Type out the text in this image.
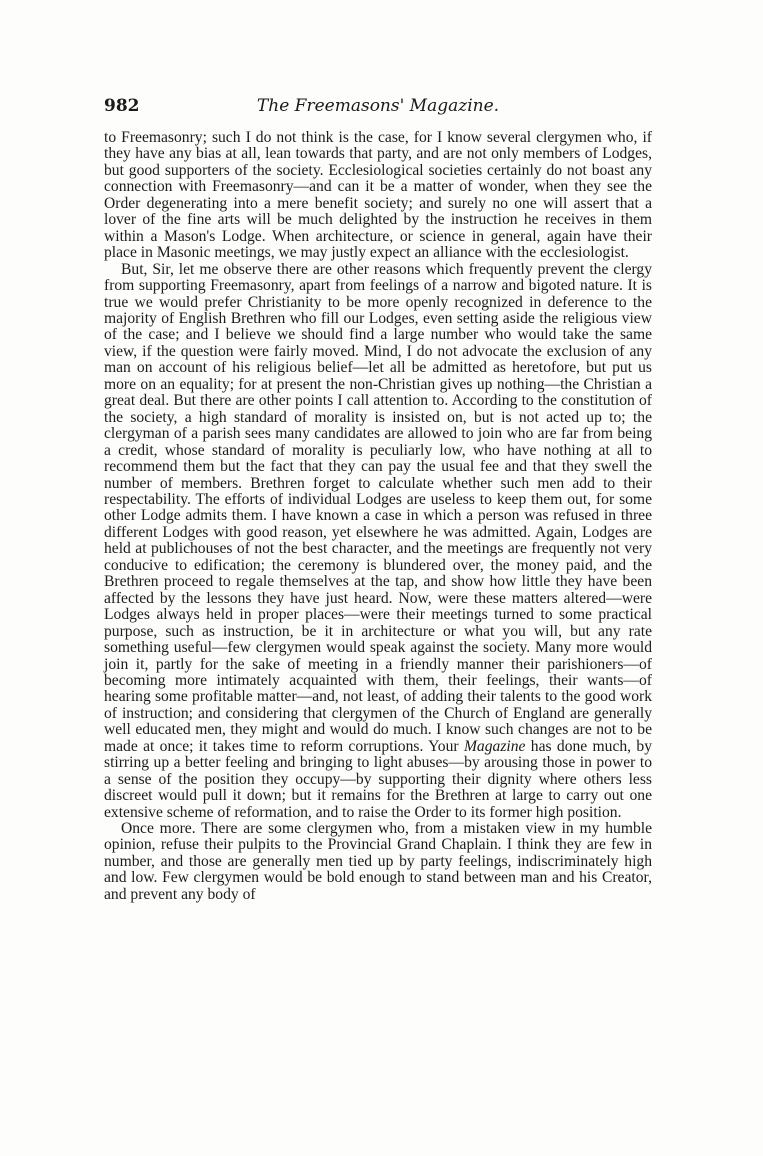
982	The Freemasons' Magazine.

to Freemasonry; such I do not think is the case, for I know several clergymen who, if they have any bias at all, lean towards that party, and are not only members of Lodges, but good supporters of the society. Ecclesiological societies certainly do not boast any connection with Freemasonry—and can it be a matter of wonder, when they see the Order degenerating into a mere benefit society; and surely no one will assert that a lover of the fine arts will be much delighted by the instruction he receives in them within a Mason's Lodge. When architecture, or science in general, again have their place in Masonic meetings, we may justly expect an alliance with the ecclesiologist.

But, Sir, let me observe there are other reasons which frequently prevent the clergy from supporting Freemasonry, apart from feelings of a narrow and bigoted nature. It is true we would prefer Christianity to be more openly recognized in deference to the majority of English Brethren who fill our Lodges, even setting aside the religious view of the case; and I believe we should find a large number who would take the same view, if the question were fairly moved. Mind, I do not advocate the exclusion of any man on account of his religious belief—let all be admitted as heretofore, but put us more on an equality; for at present the non-Christian gives up nothing—the Christian a great deal. But there are other points I call attention to. According to the constitution of the society, a high standard of morality is insisted on, but is not acted up to; the clergyman of a parish sees many candidates are allowed to join who are far from being a credit, whose standard of morality is peculiarly low, who have nothing at all to recommend them but the fact that they can pay the usual fee and that they swell the number of members. Brethren forget to calculate whether such men add to their respectability. The efforts of individual Lodges are useless to keep them out, for some other Lodge admits them. I have known a case in which a person was refused in three different Lodges with good reason, yet elsewhere he was admitted. Again, Lodges are held at publichouses of not the best character, and the meetings are frequently not very conducive to edification; the ceremony is blundered over, the money paid, and the Brethren proceed to regale themselves at the tap, and show how little they have been affected by the lessons they have just heard. Now, were these matters altered—were Lodges always held in proper places—were their meetings turned to some practical purpose, such as instruction, be it in architecture or what you will, but any rate something useful—few clergymen would speak against the society. Many more would join it, partly for the sake of meeting in a friendly manner their parishioners—of becoming more intimately acquainted with them, their feelings, their wants—of hearing some profitable matter—and, not least, of adding their talents to the good work of instruction; and considering that clergymen of the Church of England are generally well educated men, they might and would do much. I know such changes are not to be made at once; it takes time to reform corruptions. Your Magazine has done much, by stirring up a better feeling and bringing to light abuses—by arousing those in power to a sense of the position they occupy—by supporting their dignity where others less discreet would pull it down; but it remains for the Brethren at large to carry out one extensive scheme of reformation, and to raise the Order to its former high position.

Once more. There are some clergymen who, from a mistaken view in my humble opinion, refuse their pulpits to the Provincial Grand Chaplain. I think they are few in number, and those are generally men tied up by party feelings, indiscriminately high and low. Few clergymen would be bold enough to stand between man and his Creator, and prevent any body of
